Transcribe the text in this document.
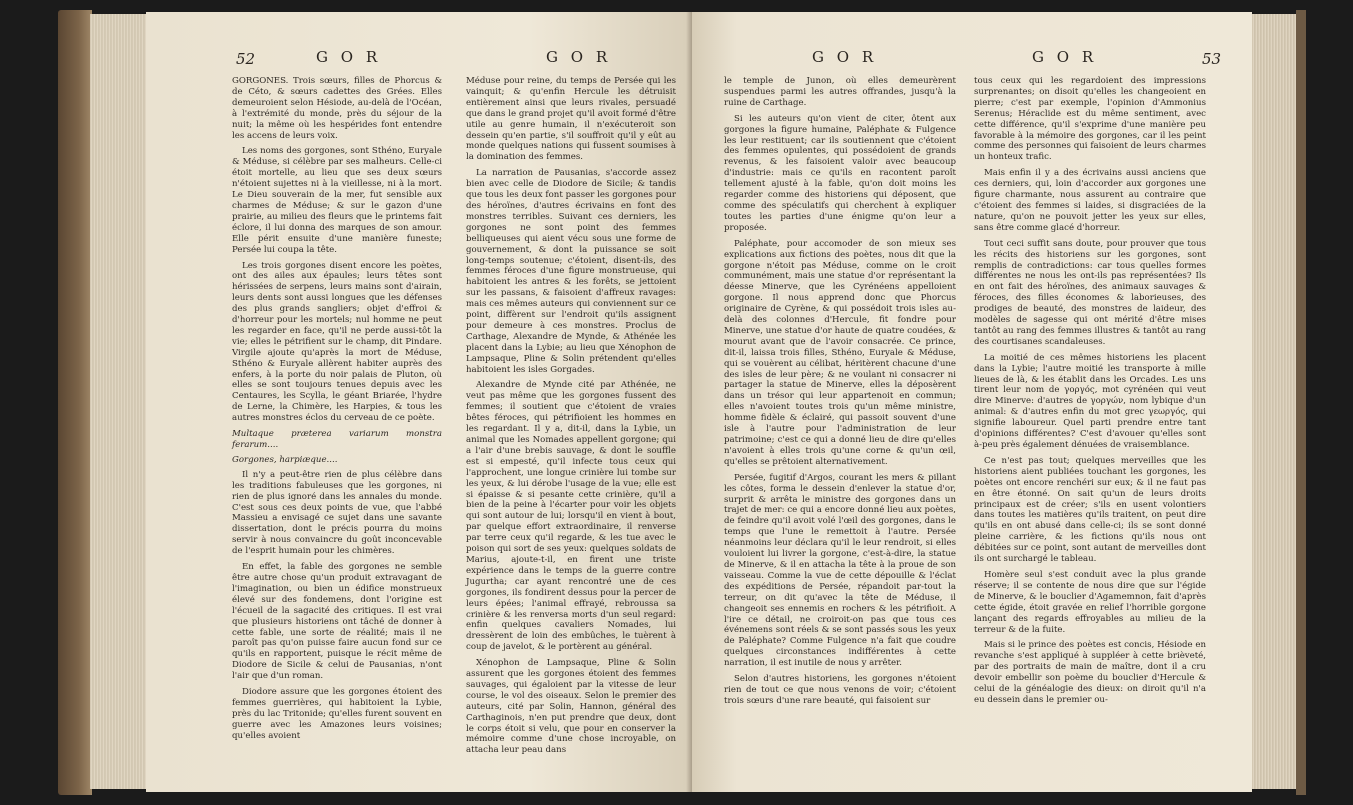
52	G O R	G O R

GORGONES. Trois sœurs, filles de Phorcus & de Céto, & sœurs cadettes des Grées. Elles demeuroient selon Hésiode, au-delà de l'Océan, à l'extrémité du monde, près du séjour de la nuit; la même où les hespérides font entendre les accens de leurs voix.

Les noms des gorgones, sont Sthéno, Euryale & Méduse, si célèbre par ses malheurs. Celle-ci étoit mortelle, au lieu que ses deux sœurs n'étoient sujettes ni à la vieillesse, ni à la mort. Le Dieu souverain de la mer, fut sensible aux charmes de Méduse; & sur le gazon d'une prairie, au milieu des fleurs que le printems fait éclore, il lui donna des marques de son amour. Elle périt ensuite d'une manière funeste; Persée lui coupa la tête.

Les trois gorgones disent encore les poètes, ont des ailes aux épaules; leurs têtes sont hérissées de serpens, leurs mains sont d'airain, leurs dents sont aussi longues que les défenses des plus grands sangliers; objet d'effroi & d'horreur pour les mortels; nul homme ne peut les regarder en face, qu'il ne perde aussi-tôt la vie; elles le pétrifient sur le champ, dit Pindare. Virgile ajoute qu'après la mort de Méduse, Sthéno & Euryale allèrent habiter auprès des enfers, à la porte du noir palais de Pluton, où elles se sont toujours tenues depuis avec les Centaures, les Scylla, le géant Briarée, l'hydre de Lerne, la Chimère, les Harpies, & tous les autres monstres éclos du cerveau de ce poète.

Multaque præterea variarum monstra ferarum....

Gorgones, harpiæque....

Il n'y a peut-être rien de plus célèbre dans les traditions fabuleuses que les gorgones, ni rien de plus ignoré dans les annales du monde. C'est sous ces deux points de vue, que l'abbé Massieu a envisagé ce sujet dans une savante dissertation, dont le précis pourra du moins servir à nous convaincre du goût inconcevable de l'esprit humain pour les chimères.

En effet, la fable des gorgones ne semble être autre chose qu'un produit extravagant de l'imagination, ou bien un édifice monstrueux élevé sur des fondemens, dont l'origine est l'écueil de la sagacité des critiques. Il est vrai que plusieurs historiens ont tâché de donner à cette fable, une sorte de réalité; mais il ne paroît pas qu'on puisse faire aucun fond sur ce qu'ils en rapportent, puisque le récit même de Diodore de Sicile & celui de Pausanias, n'ont l'air que d'un roman.

Diodore assure que les gorgones étoient des femmes guerrières, qui habitoient la Lybie, près du lac Tritonide; qu'elles furent souvent en guerre avec les Amazones leurs voisines; qu'elles avoient

Méduse pour reine, du temps de Persée qui les vainquit; & qu'enfin Hercule les détruisit entièrement ainsi que leurs rivales, persuadé que dans le grand projet qu'il avoit formé d'être utile au genre humain, il n'exécuteroit son dessein qu'en partie, s'il souffroit qu'il y eût au monde quelques nations qui fussent soumises à la domination des femmes.

La narration de Pausanias, s'accorde assez bien avec celle de Diodore de Sicile; & tandis que tous les deux font passer les gorgones pour des héroïnes, d'autres écrivains en font des monstres terribles. Suivant ces derniers, les gorgones ne sont point des femmes belliqueuses qui aient vécu sous une forme de gouvernement, & dont la puissance se soit long-temps soutenue; c'étoient, disent-ils, des femmes féroces d'une figure monstrueuse, qui habitoient les antres & les forêts, se jettoient sur les passans, & faisoient d'affreux ravages: mais ces mêmes auteurs qui conviennent sur ce point, diffèrent sur l'endroit qu'ils assignent pour demeure à ces monstres. Proclus de Carthage, Alexandre de Mynde, & Athénée les placent dans la Lybie; au lieu que Xénophon de Lampsaque, Pline & Solin prétendent qu'elles habitoient les isles Gorgades.

Alexandre de Mynde cité par Athénée, ne veut pas même que les gorgones fussent des femmes; il soutient que c'étoient de vraies bêtes féroces, qui pétrifioient les hommes en les regardant. Il y a, dit-il, dans la Lybie, un animal que les Nomades appellent gorgone; qui a l'air d'une brebis sauvage, & dont le souffle est si empesté, qu'il infecte tous ceux qui l'approchent, une longue crinière lui tombe sur les yeux, & lui dérobe l'usage de la vue; elle est si épaisse & si pesante cette crinière, qu'il a bien de la peine à l'écarter pour voir les objets qui sont autour de lui; lorsqu'il en vient à bout, par quelque effort extraordinaire, il renverse par terre ceux qu'il regarde, & les tue avec le poison qui sort de ses yeux: quelques soldats de Marius, ajoute-t-il, en firent une triste expérience dans le temps de la guerre contre Jugurtha; car ayant rencontré une de ces gorgones, ils fondirent dessus pour la percer de leurs épées; l'animal effrayé, rebroussa sa crinière & les renversa morts d'un seul regard: enfin quelques cavaliers Nomades, lui dressèrent de loin des embûches, le tuèrent à coup de javelot, & le portèrent au général.

Xénophon de Lampsaque, Pline & Solin assurent que les gorgones étoient des femmes sauvages, qui égaloient par la vitesse de leur course, le vol des oiseaux. Selon le premier des auteurs, cité par Solin, Hannon, général des Carthaginois, n'en put prendre que deux, dont le corps étoit si velu, que pour en conserver la mémoire comme d'une chose incroyable, on attacha leur peau dans

G O R	G O R	53

le temple de Junon, où elles demeurèrent suspendues parmi les autres offrandes, jusqu'à la ruine de Carthage.

Si les auteurs qu'on vient de citer, ôtent aux gorgones la figure humaine, Paléphate & Fulgence les leur restituent; car ils soutiennent que c'étoient des femmes opulentes, qui possédoient de grands revenus, & les faisoient valoir avec beaucoup d'industrie: mais ce qu'ils en racontent paroît tellement ajusté à la fable, qu'on doit moins les regarder comme des historiens qui déposent, que comme des spéculatifs qui cherchent à expliquer toutes les parties d'une énigme qu'on leur a proposée.

Paléphate, pour accomoder de son mieux ses explications aux fictions des poètes, nous dit que la gorgone n'étoit pas Méduse, comme on le croit communément, mais une statue d'or représentant la déesse Minerve, que les Cyrénéens appelloient gorgone. Il nous apprend donc que Phorcus originaire de Cyrène, & qui possédoit trois isles au-delà des colonnes d'Hercule, fit fondre pour Minerve, une statue d'or haute de quatre coudées, & mourut avant que de l'avoir consacrée. Ce prince, dit-il, laissa trois filles, Sthéno, Euryale & Méduse, qui se vouèrent au célibat, héritèrent chacune d'une des isles de leur père; & ne voulant ni consacrer ni partager la statue de Minerve, elles la déposèrent dans un trésor qui leur appartenoit en commun; elles n'avoient toutes trois qu'un même ministre, homme fidèle & éclairé, qui passoit souvent d'une isle à l'autre pour l'administration de leur patrimoine; c'est ce qui a donné lieu de dire qu'elles n'avoient à elles trois qu'une corne & qu'un œil, qu'elles se prêtoient alternativement.

Persée, fugitif d'Argos, courant les mers & pillant les côtes, forma le dessein d'enlever la statue d'or, surprit & arrêta le ministre des gorgones dans un trajet de mer: ce qui a encore donné lieu aux poètes, de feindre qu'il avoit volé l'œil des gorgones, dans le temps que l'une le remettoit à l'autre. Persée néanmoins leur déclara qu'il le leur rendroit, si elles vouloient lui livrer la gorgone, c'est-à-dire, la statue de Minerve, & il en attacha la tête à la proue de son vaisseau. Comme la vue de cette dépouille & l'éclat des expéditions de Persée, répandoit par-tout la terreur, on dit qu'avec la tête de Méduse, il changeoit ses ennemis en rochers & les pétrifioit. A l'ire ce détail, ne croiroit-on pas que tous ces événemens sont réels & se sont passés sous les yeux de Paléphate? Comme Fulgence n'a fait que coudre quelques circonstances indifférentes à cette narration, il est inutile de nous y arrêter.

Selon d'autres historiens, les gorgones n'étoient rien de tout ce que nous venons de voir; c'étoient trois sœurs d'une rare beauté, qui faisoient sur

tous ceux qui les regardoient des impressions surprenantes; on disoit qu'elles les changeoient en pierre; c'est par exemple, l'opinion d'Ammonius Serenus; Héraclide est du même sentiment, avec cette différence, qu'il s'exprime d'une manière peu favorable à la mémoire des gorgones, car il les peint comme des personnes qui faisoient de leurs charmes un honteux trafic.

Mais enfin il y a des écrivains aussi anciens que ces derniers, qui, loin d'accorder aux gorgones une figure charmante, nous assurent au contraire que c'étoient des femmes si laides, si disgraciées de la nature, qu'on ne pouvoit jetter les yeux sur elles, sans être comme glacé d'horreur.

Tout ceci suffit sans doute, pour prouver que tous les récits des historiens sur les gorgones, sont remplis de contradictions: car tous quelles formes différentes ne nous les ont-ils pas représentées? Ils en ont fait des héroïnes, des animaux sauvages & féroces, des filles économes & laborieuses, des prodiges de beauté, des monstres de laideur, des modèles de sagesse qui ont mérité d'être mises tantôt au rang des femmes illustres & tantôt au rang des courtisanes scandaleuses.

La moitié de ces mêmes historiens les placent dans la Lybie; l'autre moitié les transporte à mille lieues de là, & les établit dans les Orcades. Les uns tirent leur nom de γοργός, mot cyrénéen qui veut dire Minerve: d'autres de γοργών, nom lybique d'un animal: & d'autres enfin du mot grec γεωργός, qui signifie laboureur. Quel parti prendre entre tant d'opinions différentes? C'est d'avouer qu'elles sont à-peu près également dénuées de vraisemblance.

Ce n'est pas tout; quelques merveilles que les historiens aient publiées touchant les gorgones, les poètes ont encore renchéri sur eux; & il ne faut pas en être étonné. On sait qu'un de leurs droits principaux est de créer; s'ils en usent volontiers dans toutes les matières qu'ils traitent, on peut dire qu'ils en ont abusé dans celle-ci; ils se sont donné pleine carrière, & les fictions qu'ils nous ont débitées sur ce point, sont autant de merveilles dont ils ont surchargé le tableau.

Homère seul s'est conduit avec la plus grande réserve; il se contente de nous dire que sur l'égide de Minerve, & le bouclier d'Agamemnon, fait d'après cette égide, étoit gravée en relief l'horrible gorgone lançant des regards effroyables au milieu de la terreur & de la fuite.

Mais si le prince des poètes est concis, Hésiode en revanche s'est appliqué à suppléer à cette brièveté, par des portraits de main de maître, dont il a cru devoir embellir son poème du bouclier d'Hercule & celui de la généalogie des dieux: on diroit qu'il n'a eu dessein dans le premier ou-
